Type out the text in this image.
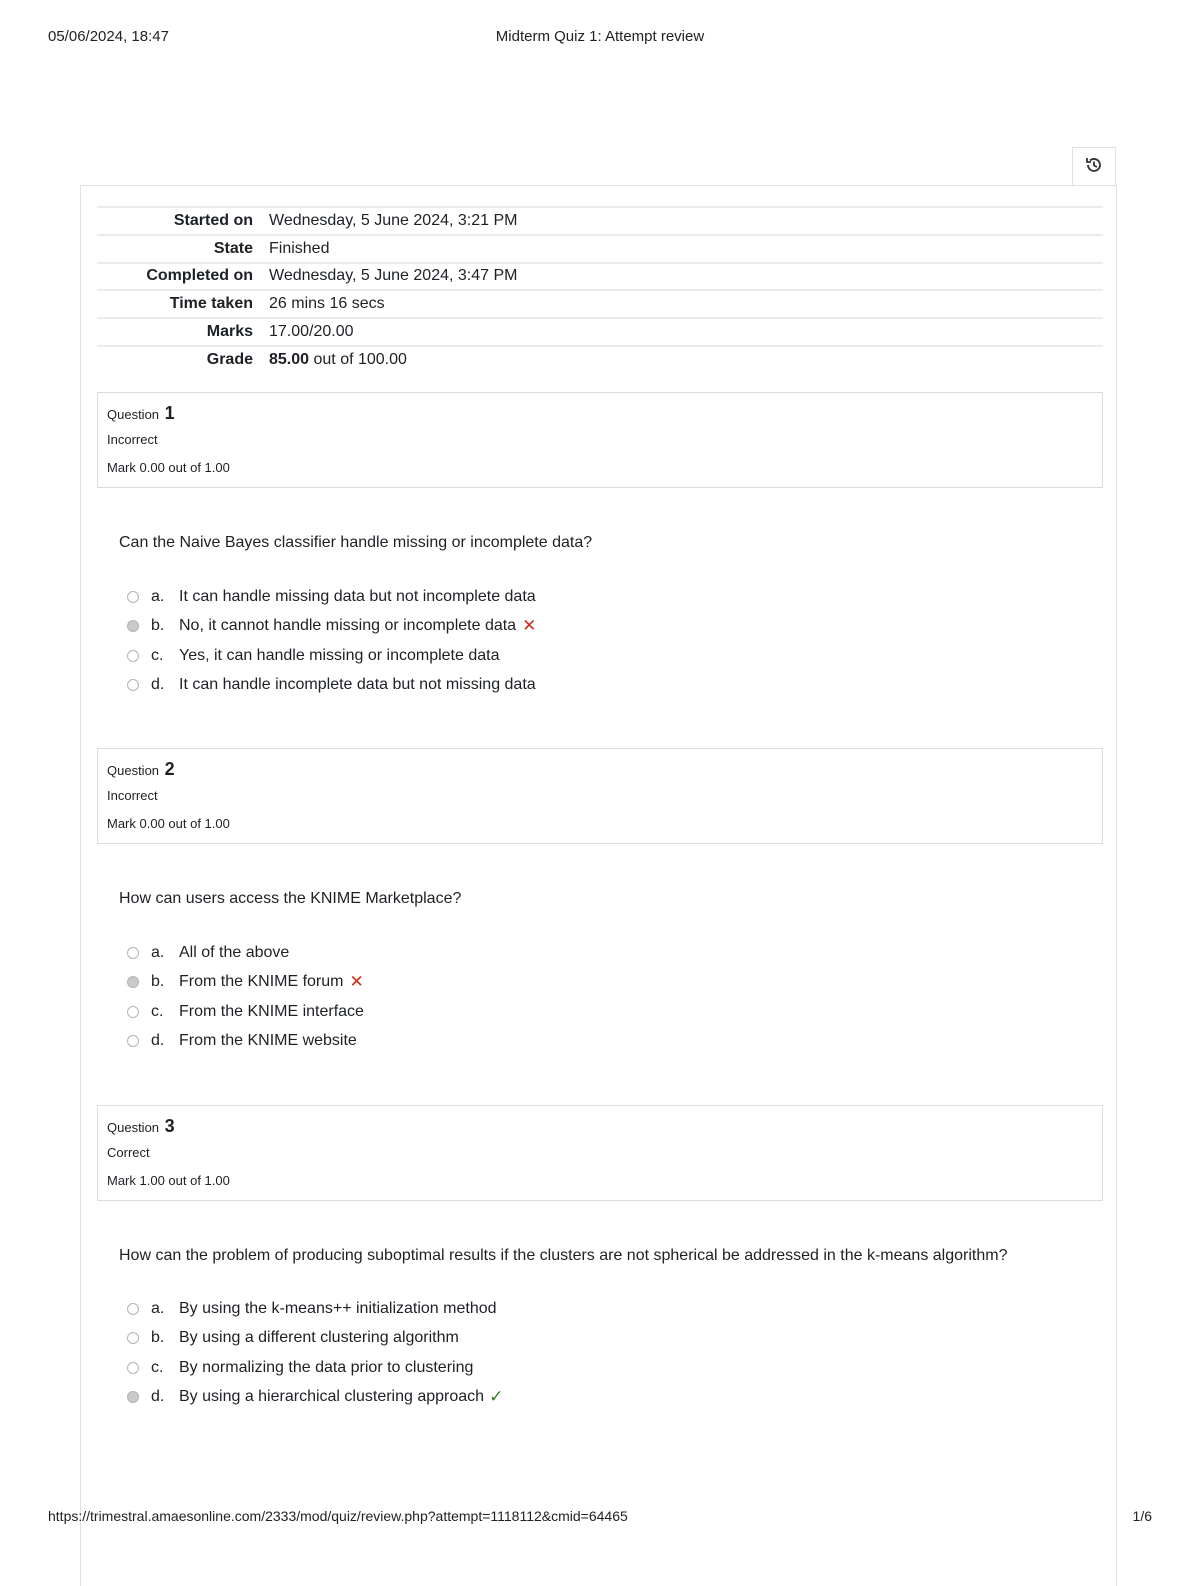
05/06/2024, 18:47	Midterm Quiz 1: Attempt review
Started on	Wednesday, 5 June 2024, 3:21 PM
State	Finished
Completed on	Wednesday, 5 June 2024, 3:47 PM
Time taken	26 mins 16 secs
Marks	17.00/20.00
Grade	85.00 out of 100.00
Question 1
Incorrect
Mark 0.00 out of 1.00
Can the Naive Bayes classifier handle missing or incomplete data?
a. It can handle missing data but not incomplete data
b. No, it cannot handle missing or incomplete data ✕
c. Yes, it can handle missing or incomplete data
d. It can handle incomplete data but not missing data
Question 2
Incorrect
Mark 0.00 out of 1.00
How can users access the KNIME Marketplace?
a. All of the above
b. From the KNIME forum ✕
c. From the KNIME interface
d. From the KNIME website
Question 3
Correct
Mark 1.00 out of 1.00
How can the problem of producing suboptimal results if the clusters are not spherical be addressed in the k-means algorithm?
a. By using the k-means++ initialization method
b. By using a different clustering algorithm
c. By normalizing the data prior to clustering
d. By using a hierarchical clustering approach ✓
https://trimestral.amaesonline.com/2333/mod/quiz/review.php?attempt=1118112&cmid=64465	1/6
